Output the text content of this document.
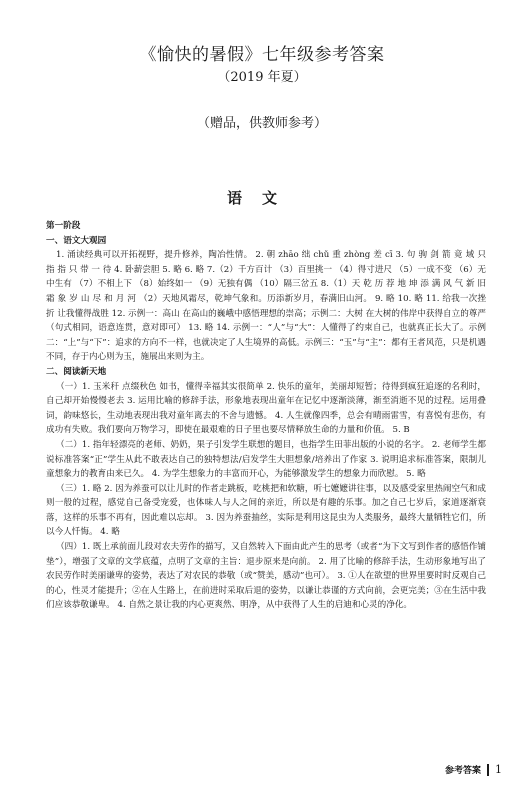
《愉快的暑假》七年级参考答案
（2019 年夏）
（赠品，供教师参考）
语文

第一阶段

一、语文大观园

1. 涌读经典可以开拓视野，提升修养，陶冶性情。 2. 朝 zhāo 绌 chǔ 重 zhòng 差 cī 3. 句 驹 剑 箭 竟 域 只 指 指 只 带 一 待 4. 卧薪尝胆 5. 略 6. 略 7.（2）千方百计 （3）百里挑一 （4）得寸进尺 （5）一成不变 （6）无中生有 （7）不相上下 （8）始终如一 （9）无独有偶 （10）隔三岔五 8.（1）天 乾 历 荐 地 坤 添 满 风 气 新 旧 霜 象 岁 山 尽 和 月 河 （2）天地风霜尽，乾坤气象和。历添新岁月，春满旧山河。 9. 略 10. 略 11. 给我一次挫折 让我懂得战胜 12. 示例一：高山 在高山的巍峨中感悟理想的崇高；示例二：大树 在大树的伟岸中获得自立的尊严（句式相同，语意连贯，意对即可） 13. 略 14. 示例一：“人”与“大”：人懂得了约束自己，也就真正长大了。示例二：“上”与“下”：追求的方向不一样，也就决定了人生境界的高低。示例三：“玉”与“主”：都有王者风范，只是机遇不同，存于内心则为玉，施展出来则为主。

二、阅读新天地

（一）1. 玉米秆 点缀秋色 如书，懂得幸福其实很简单 2. 快乐的童年，美丽却短暂；待得到疯狂追逐的名利时，自己却开始慢慢老去 3. 运用比喻的修辞手法，形象地表现出童年在记忆中逐渐淡薄，渐至消逝不见的过程。运用叠词，韵味悠长，生动地表现出我对童年离去的不舍与遗憾。 4. 人生就像四季，总会有晴雨雷雪，有喜悦有悲伤，有成功有失败。我们要向万物学习，即使在最艰难的日子里也要尽情释放生命的力量和价值。 5. B

（二）1. 指年轻漂亮的老师、奶奶，果子引发学生联想的题目，也指学生田菲出版的小说的名字。 2. 老师学生都说标准答案“正”学生从此不敢表达自己的独特想法/启发学生大胆想象/培养出了作家 3. 说明追求标准答案，限制儿童想象力的教育由来已久。 4. 为学生想象力的丰富而开心，为能够激发学生的想象力而欣慰。 5. 略

（三）1. 略 2. 因为养蚕可以让儿时的作者走跳板，吃桃把和软糖，听七嬷嬷讲往事，以及感受家里热闹空气和成则一般的过程，感觉自己备受宠爱，也体味人与人之间的亲近，所以是有趣的乐事。加之自己七岁后，家道逐渐衰落，这样的乐事不再有，因此难以忘却。 3. 因为养蚕抽丝，实际是利用这昆虫为人类服务，最终大量牺牲它们，所以今人忏悔。 4. 略

（四）1. 既上承前面儿段对农夫劳作的描写，又自然转入下面由此产生的思考（或者“为下文写到作者的感悟作铺垫”），增强了文章的文学底蕴，点明了文章的主旨：退步原来是向前。 2. 用了比喻的修辞手法，生动形象地写出了农民劳作时美丽谦卑的姿势，表达了对农民的恭敬（或“赞美，感动”也可）。 3. ①人在欲望的世界里要时时反观自己的心，性灵才能提升；②在人生路上，在前进时采取后退的姿势，以谦让恭谨的方式向前，会更完美；③在生活中我们应该恭敬谦卑。 4. 自然之景让我的内心更爽然、明净，从中获得了人生的启迪和心灵的净化。

参考答案 1
